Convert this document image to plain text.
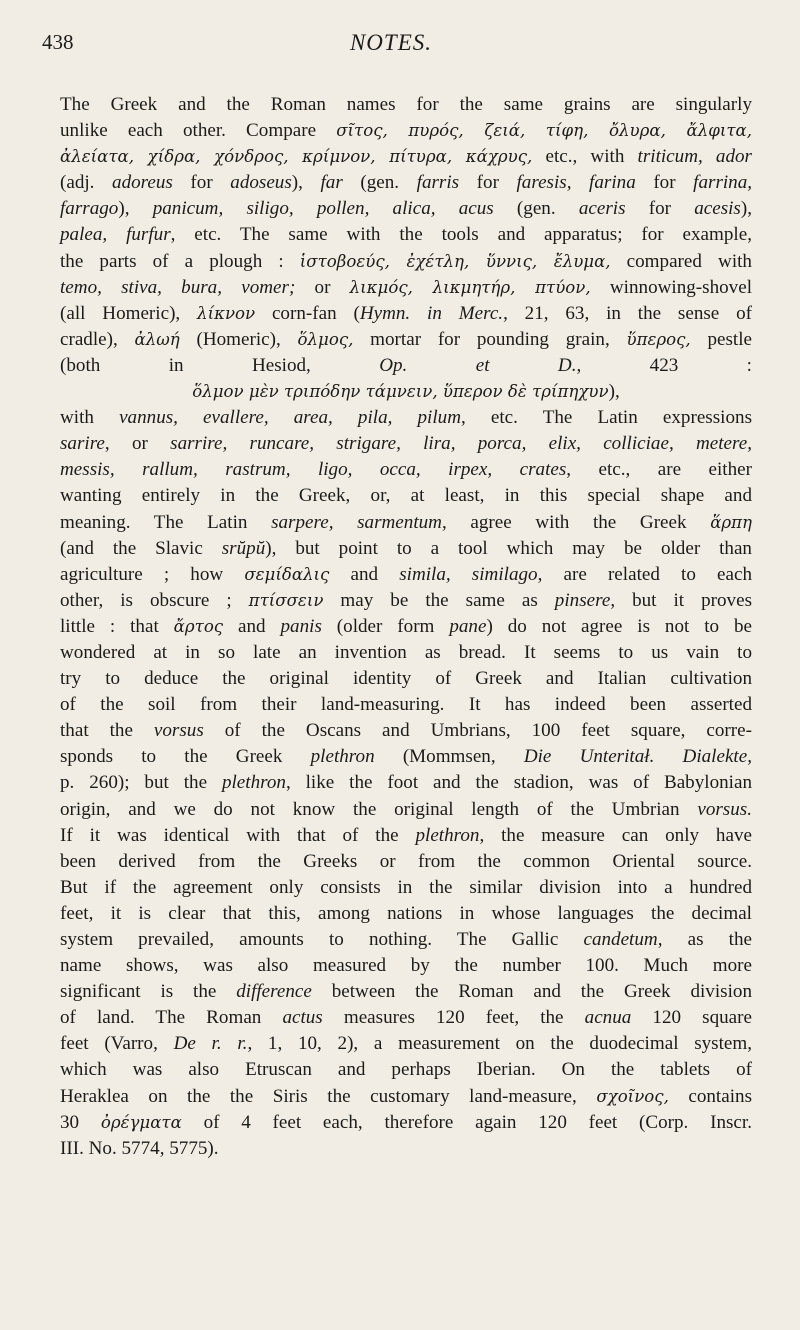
438	NOTES.
The Greek and the Roman names for the same grains are singularly
unlike each other. Compare σῖτος, πυρός, ζειά, τίφη, ὄλυρα, ἄλφιτα,
ἀλείατα, χίδρα, χόνδρος, κρίμνον, πίτυρα, κάχρυς, etc., with triticum, ador
(adj. adoreus for adoseus), far (gen. farris for faresis, farina for farrina,
farrago), panicum, siligo, pollen, alica, acus (gen. aceris for acesis),
palea, furfur, etc. The same with the tools and apparatus; for example,
the parts of a plough : ἱστοβοεύς, ἐχέτλη, ὕννις, ἔλυμα, compared with
temo, stiva, bura, vomer; or λικμός, λικμητήρ, πτύον, winnowing-shovel
(all Homeric), λίκνον corn-fan (Hymn. in Merc., 21, 63, in the sense of
cradle), ἀλωή (Homeric), ὅλμος, mortar for pounding grain, ὕπερος, pestle
(both in Hesiod, Op. et D., 423 :
ὅλμον μὲν τριπόδην τάμνειν, ὕπερον δὲ τρίπηχυν),
with vannus, evallere, area, pila, pilum, etc. The Latin expressions
sarire, or sarrire, runcare, strigare, lira, porca, elix, colliciae, metere,
messis, rallum, rastrum, ligo, occa, irpex, crates, etc., are either
wanting entirely in the Greek, or, at least, in this special shape and
meaning. The Latin sarpere, sarmentum, agree with the Greek ἅρπη
(and the Slavic srŭpŭ), but point to a tool which may be older than
agriculture ; how σεμίδαλις and simila, similago, are related to each
other, is obscure ; πτίσσειν may be the same as pinsere, but it proves
little : that ἄρτος and panis (older form pane) do not agree is not to be
wondered at in so late an invention as bread. It seems to us vain to
try to deduce the original identity of Greek and Italian cultivation
of the soil from their land-measuring. It has indeed been asserted
that the vorsus of the Oscans and Umbrians, 100 feet square, corre-
sponds to the Greek plethron (Mommsen, Die Unteritał. Dialekte,
p. 260); but the plethron, like the foot and the stadion, was of Babylonian
origin, and we do not know the original length of the Umbrian vorsus.
If it was identical with that of the plethron, the measure can only have
been derived from the Greeks or from the common Oriental source.
But if the agreement only consists in the similar division into a hundred
feet, it is clear that this, among nations in whose languages the decimal
system prevailed, amounts to nothing. The Gallic candetum, as the
name shows, was also measured by the number 100. Much more
significant is the difference between the Roman and the Greek division
of land. The Roman actus measures 120 feet, the acnua 120 square
feet (Varro, De r. r., 1, 10, 2), a measurement on the duodecimal system,
which was also Etruscan and perhaps Iberian. On the tablets of
Heraklea on the the Siris the customary land-measure, σχοῖνος, contains
30 ὀρέγματα of 4 feet each, therefore again 120 feet (Corp. Inscr.
III. No. 5774, 5775).
